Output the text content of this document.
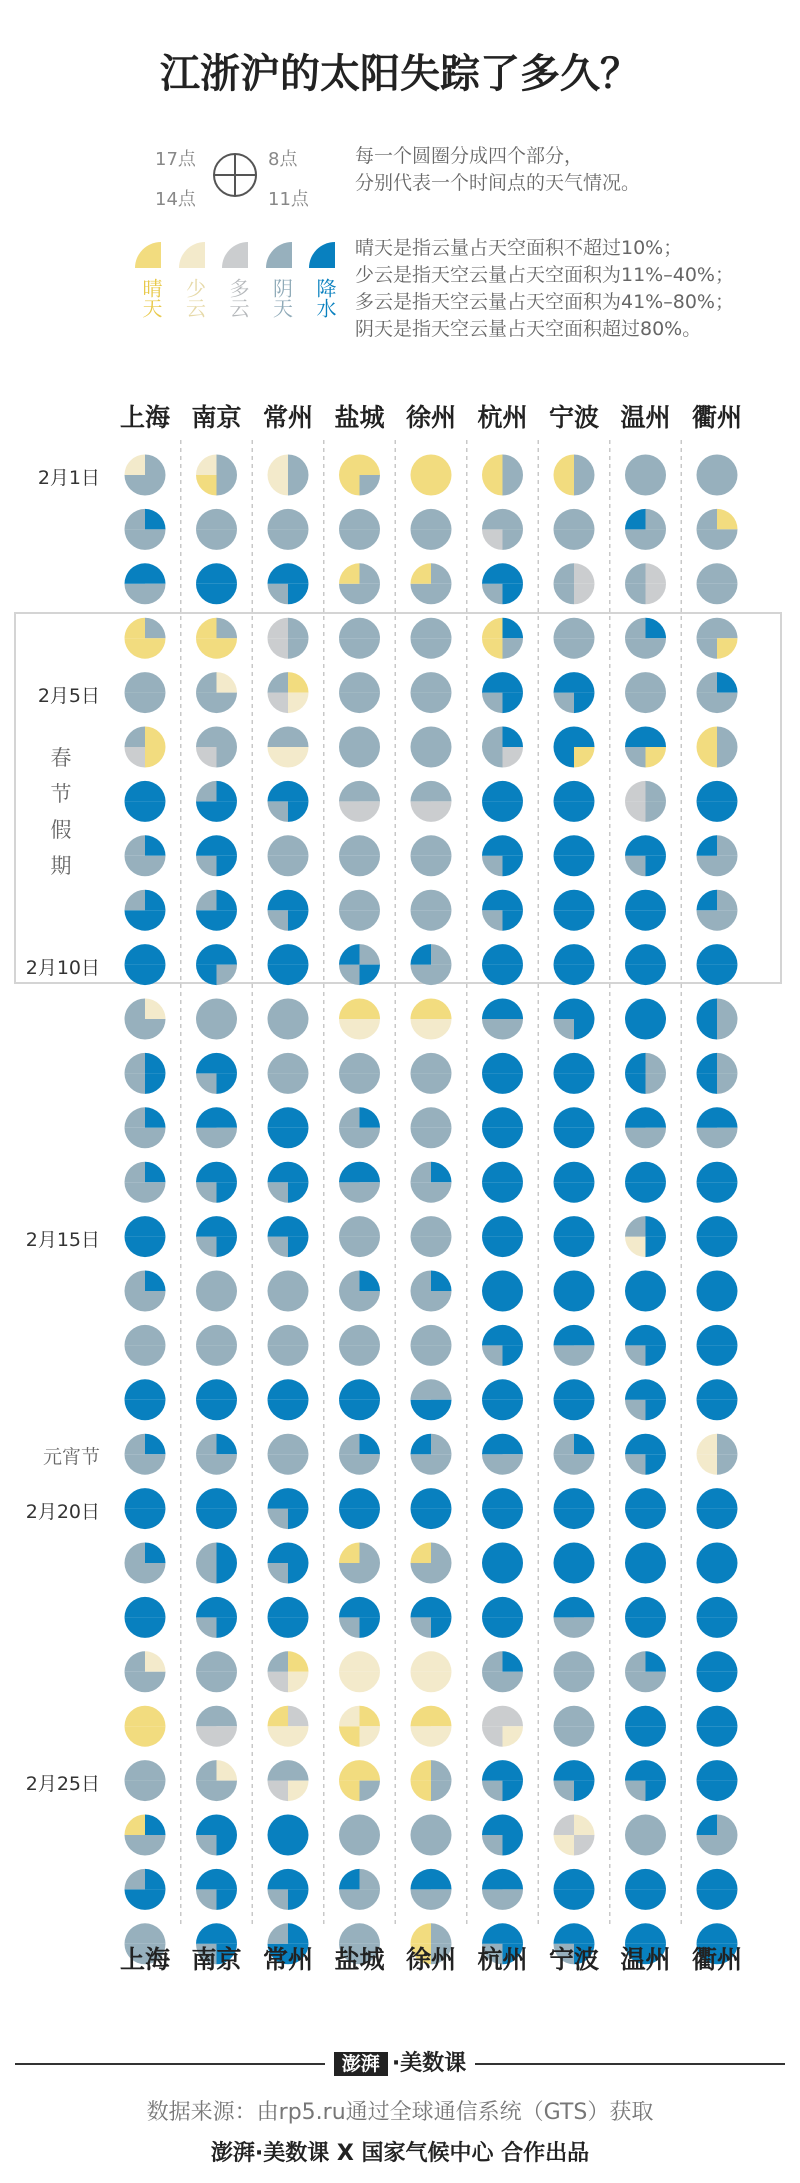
江浙沪的太阳失踪了多久？
17点	8点
14点	11点

每一个圆圈分成四个部分，

分别代表一个时间点的天气情况。

晴天 少云 多云 阴天 降水

晴天是指云量占天空面积不超过10%；

少云是指天空云量占天空面积为11%–40%；

多云是指天空云量占天空面积为41%–80%；

阴天是指天空云量占天空面积超过80%。

上海
上海
南京
南京
常州
常州
盐城
盐城
徐州
徐州
杭州
杭州
宁波
宁波
温州
温州
衢州
衢州
2月1日
2月5日
2月10日
2月15日
2月20日
2月25日
元宵节
春
节
假
期
澎湃 ·美数课
数据来源：由rp5.ru通过全球通信系统（GTS）获取
澎湃·美数课 X 国家气候中心 合作出品
